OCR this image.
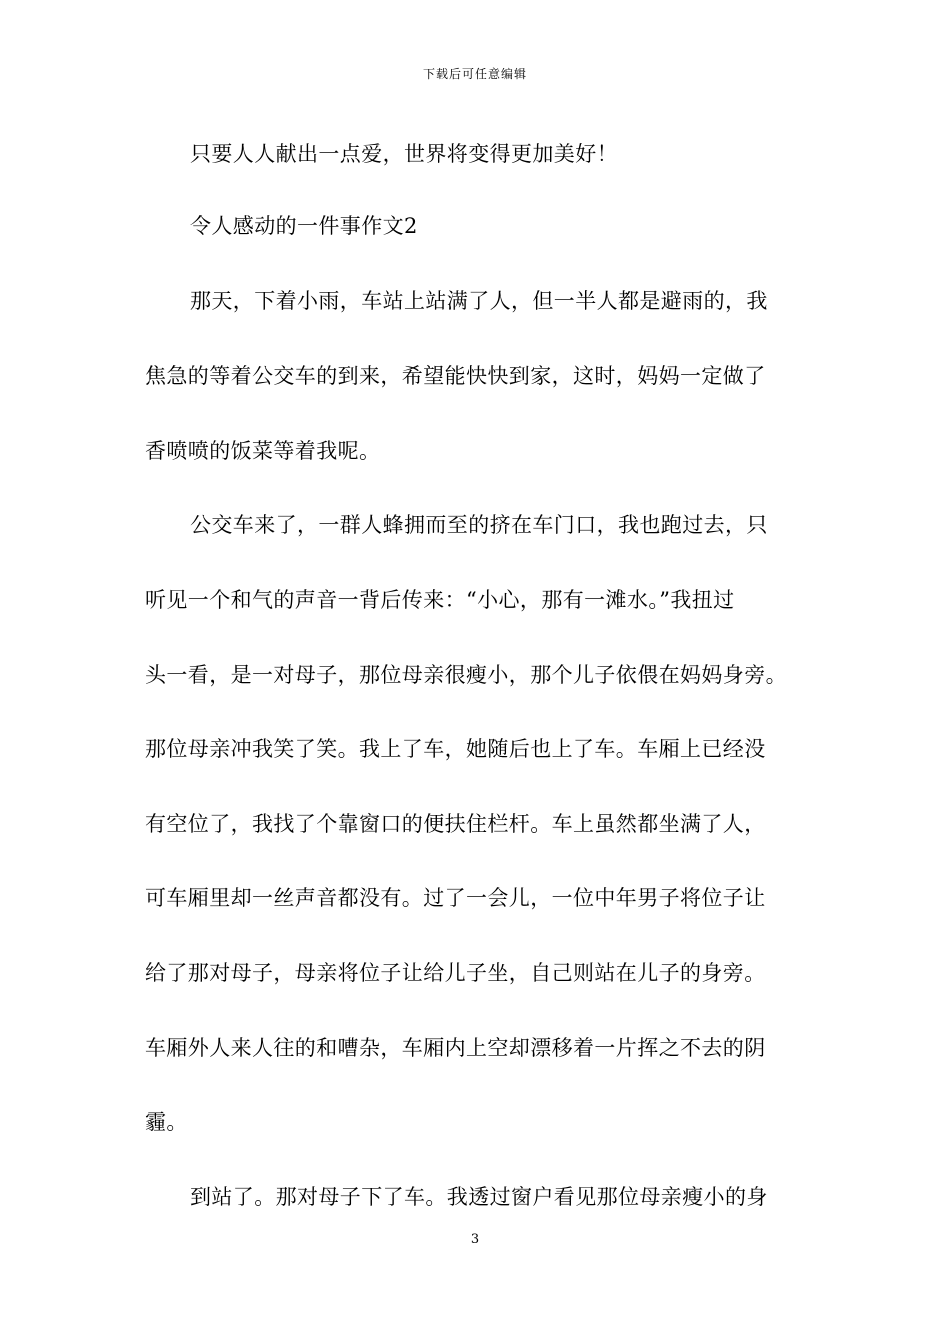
下载后可任意编辑
只要人人献出一点爱，世界将变得更加美好！
令人感动的一件事作文2
那天，下着小雨，车站上站满了人，但一半人都是避雨的，我
焦急的等着公交车的到来，希望能快快到家，这时，妈妈一定做了
香喷喷的饭菜等着我呢。
公交车来了，一群人蜂拥而至的挤在车门口，我也跑过去，只
听见一个和气的声音一背后传来：“小心，那有一滩水。”我扭过
头一看，是一对母子，那位母亲很瘦小，那个儿子依偎在妈妈身旁。
那位母亲冲我笑了笑。我上了车，她随后也上了车。车厢上已经没
有空位了，我找了个靠窗口的便扶住栏杆。车上虽然都坐满了人，
可车厢里却一丝声音都没有。过了一会儿，一位中年男子将位子让
给了那对母子，母亲将位子让给儿子坐，自己则站在儿子的身旁。
车厢外人来人往的和嘈杂，车厢内上空却漂移着一片挥之不去的阴
霾。
到站了。那对母子下了车。我透过窗户看见那位母亲瘦小的身
3
